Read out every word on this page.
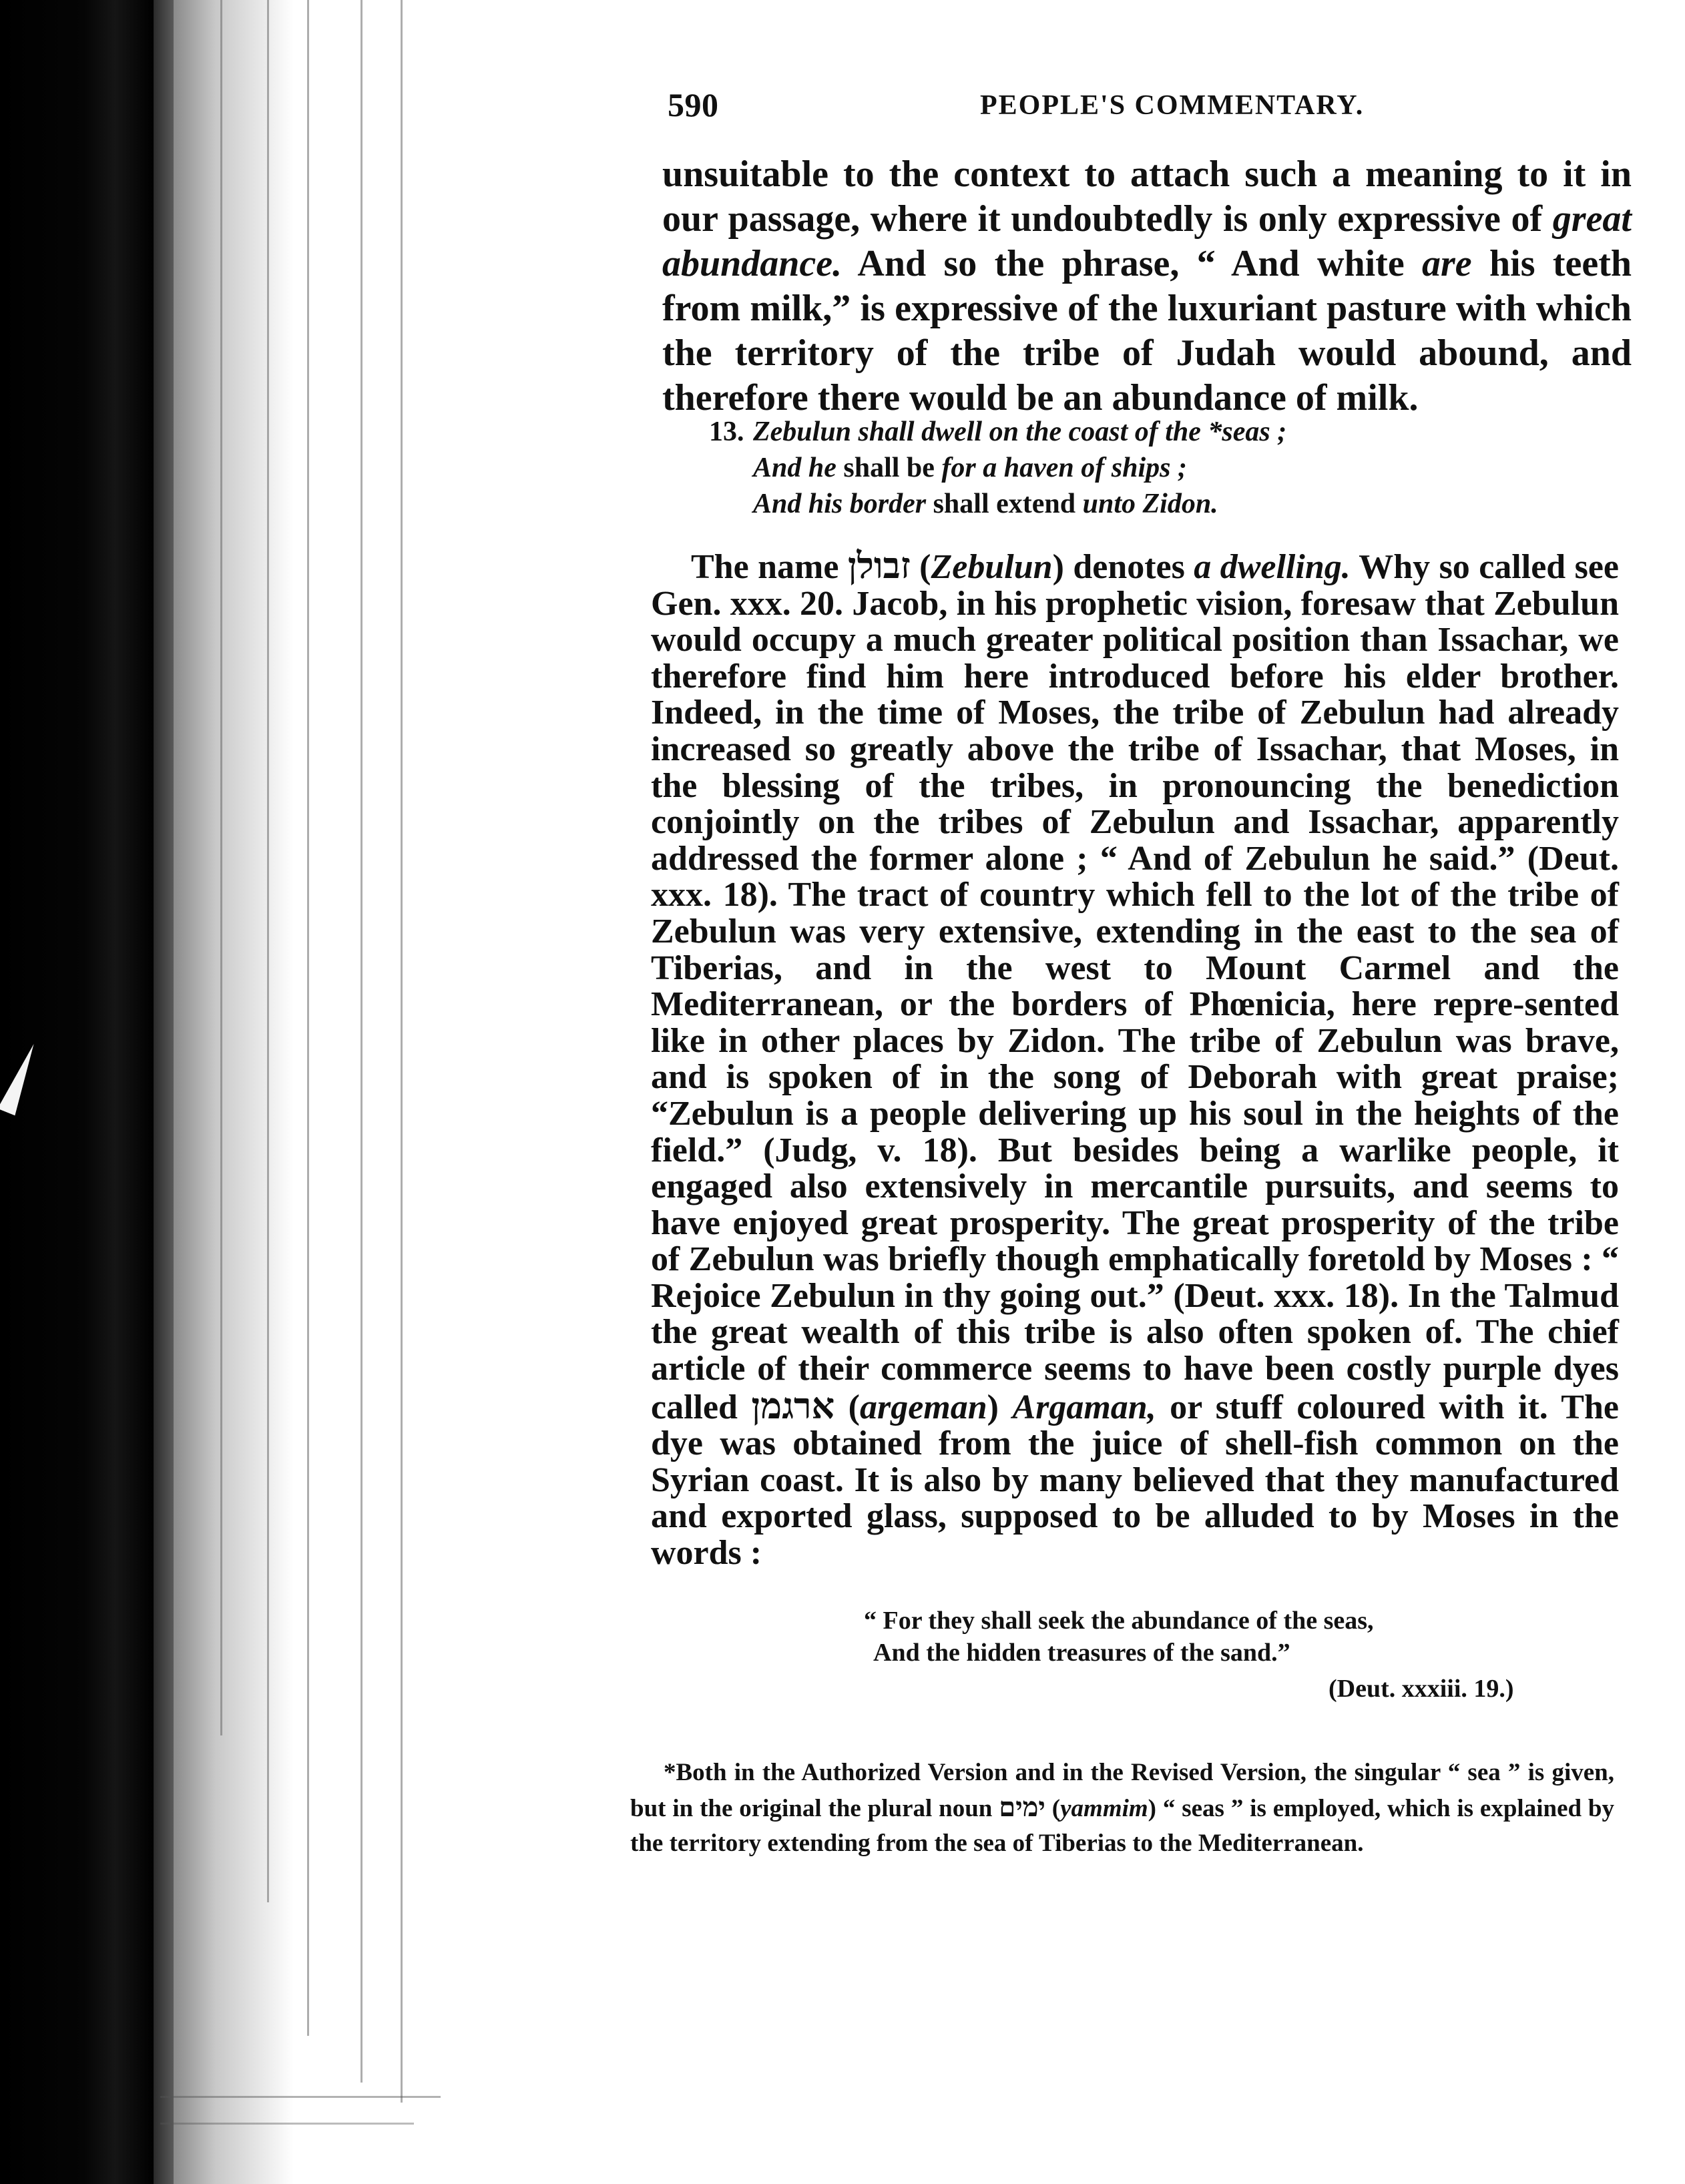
590	PEOPLE'S COMMENTARY.
unsuitable to the context to attach such a meaning to it in our passage, where it undoubtedly is only expressive of great abundance. And so the phrase, “ And white are his teeth from milk,” is expressive of the luxuriant pasture with which the territory of the tribe of Judah would abound, and therefore there would be an abundance of milk.
13. Zebulun shall dwell on the coast of the *seas ;
And he shall be for a haven of ships ;
And his border shall extend unto Zidon.
The name זבולן (Zebulun) denotes a dwelling. Why so called see Gen. xxx. 20. Jacob, in his prophetic vision, foresaw that Zebulun would occupy a much greater political position than Issachar, we therefore find him here introduced before his elder brother. Indeed, in the time of Moses, the tribe of Zebulun had already increased so greatly above the tribe of Issachar, that Moses, in the blessing of the tribes, in pronouncing the benediction conjointly on the tribes of Zebulun and Issachar, apparently addressed the former alone ; “ And of Zebulun he said.” (Deut. xxx. 18). The tract of country which fell to the lot of the tribe of Zebulun was very extensive, extending in the east to the sea of Tiberias, and in the west to Mount Carmel and the Mediterranean, or the borders of Phœnicia, here repre-sented like in other places by Zidon. The tribe of Zebulun was brave, and is spoken of in the song of Deborah with great praise; “Zebulun is a people delivering up his soul in the heights of the field.” (Judg, v. 18). But besides being a warlike people, it engaged also extensively in mercantile pursuits, and seems to have enjoyed great prosperity. The great prosperity of the tribe of Zebulun was briefly though emphatically foretold by Moses : “ Rejoice Zebulun in thy going out.” (Deut. xxx. 18). In the Talmud the great wealth of this tribe is also often spoken of. The chief article of their commerce seems to have been costly purple dyes called ארגמן (argeman) Argaman, or stuff coloured with it. The dye was obtained from the juice of shell-fish common on the Syrian coast. It is also by many believed that they manufactured and exported glass, supposed to be alluded to by Moses in the words :
“ For they shall seek the abundance of the seas,
And the hidden treasures of the sand.”
(Deut. xxxiii. 19.)
*Both in the Authorized Version and in the Revised Version, the singular “ sea ” is given, but in the original the plural noun ימים (yammim) “ seas ” is employed, which is explained by the territory extending from the sea of Tiberias to the Mediterranean.
